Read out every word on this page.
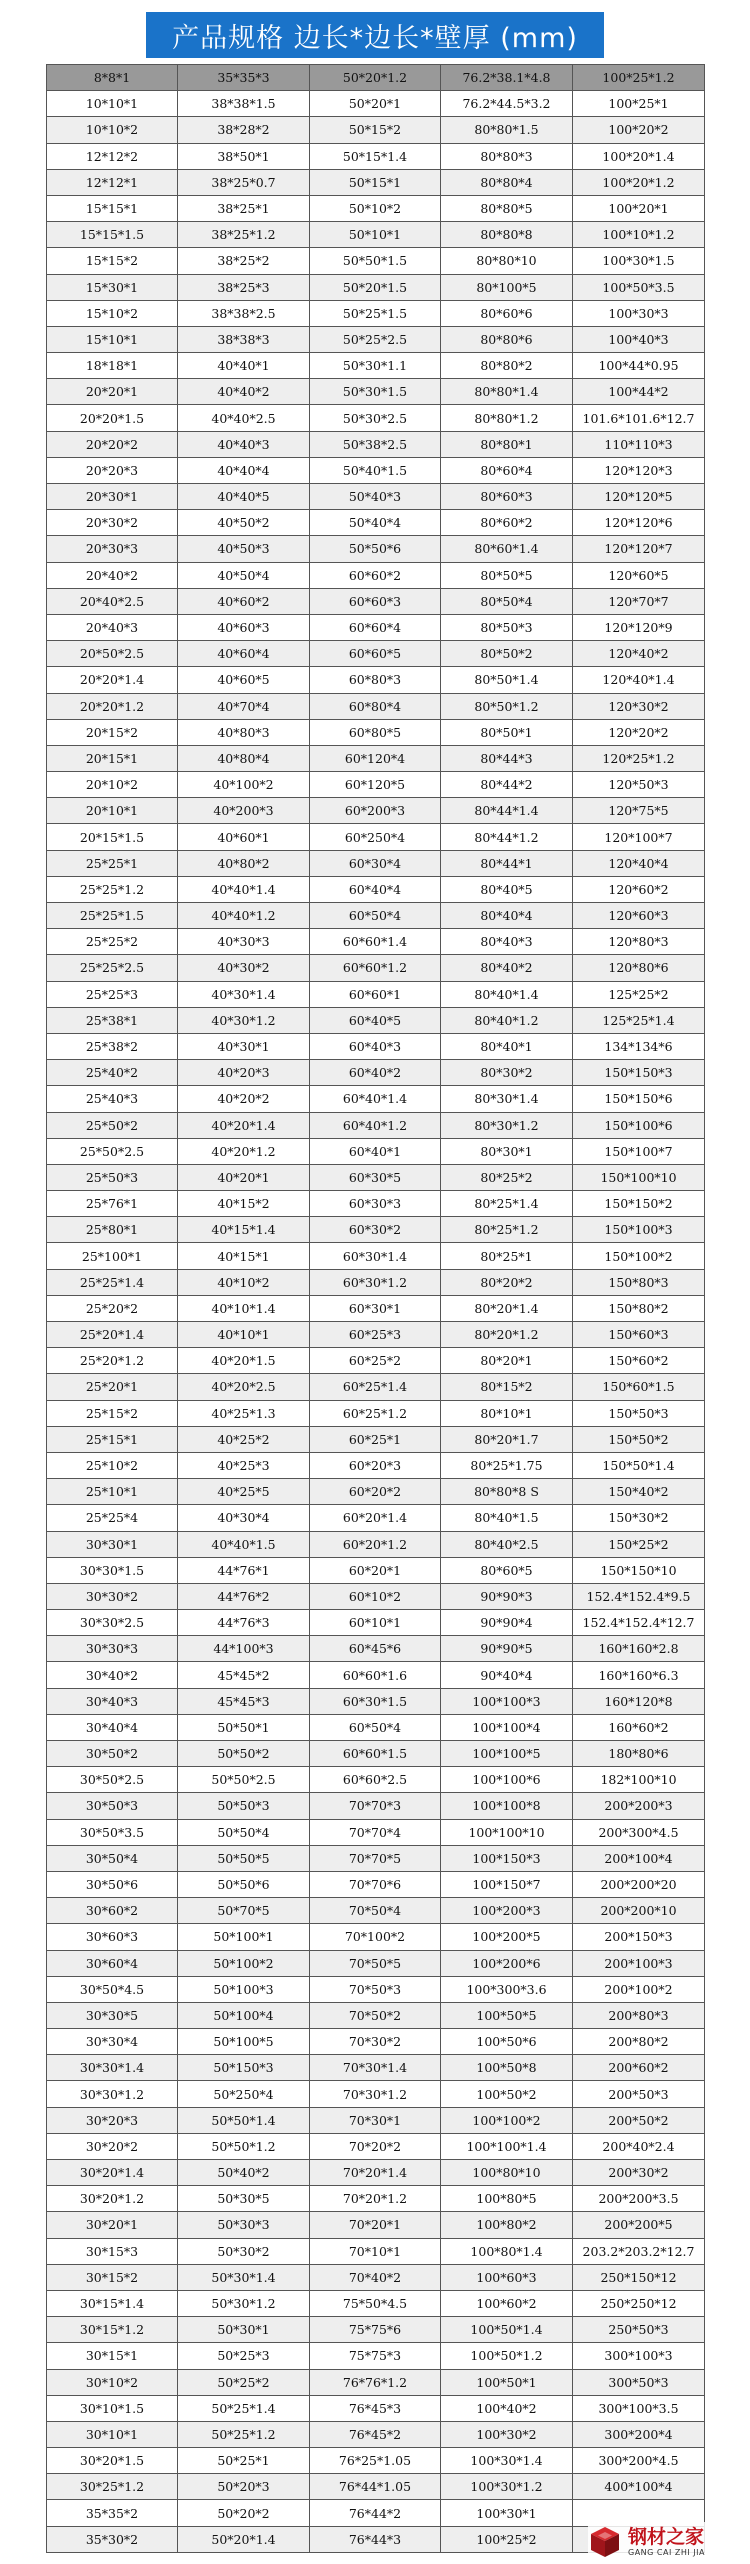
产品规格 边长*边长*壁厚 (mm)
8*8*1	35*35*3	50*20*1.2	76.2*38.1*4.8	100*25*1.2
10*10*1	38*38*1.5	50*20*1	76.2*44.5*3.2	100*25*1
10*10*2	38*28*2	50*15*2	80*80*1.5	100*20*2
12*12*2	38*50*1	50*15*1.4	80*80*3	100*20*1.4
12*12*1	38*25*0.7	50*15*1	80*80*4	100*20*1.2
15*15*1	38*25*1	50*10*2	80*80*5	100*20*1
15*15*1.5	38*25*1.2	50*10*1	80*80*8	100*10*1.2
15*15*2	38*25*2	50*50*1.5	80*80*10	100*30*1.5
15*30*1	38*25*3	50*20*1.5	80*100*5	100*50*3.5
15*10*2	38*38*2.5	50*25*1.5	80*60*6	100*30*3
15*10*1	38*38*3	50*25*2.5	80*80*6	100*40*3
18*18*1	40*40*1	50*30*1.1	80*80*2	100*44*0.95
20*20*1	40*40*2	50*30*1.5	80*80*1.4	100*44*2
20*20*1.5	40*40*2.5	50*30*2.5	80*80*1.2	101.6*101.6*12.7
20*20*2	40*40*3	50*38*2.5	80*80*1	110*110*3
20*20*3	40*40*4	50*40*1.5	80*60*4	120*120*3
20*30*1	40*40*5	50*40*3	80*60*3	120*120*5
20*30*2	40*50*2	50*40*4	80*60*2	120*120*6
20*30*3	40*50*3	50*50*6	80*60*1.4	120*120*7
20*40*2	40*50*4	60*60*2	80*50*5	120*60*5
20*40*2.5	40*60*2	60*60*3	80*50*4	120*70*7
20*40*3	40*60*3	60*60*4	80*50*3	120*120*9
20*50*2.5	40*60*4	60*60*5	80*50*2	120*40*2
20*20*1.4	40*60*5	60*80*3	80*50*1.4	120*40*1.4
20*20*1.2	40*70*4	60*80*4	80*50*1.2	120*30*2
20*15*2	40*80*3	60*80*5	80*50*1	120*20*2
20*15*1	40*80*4	60*120*4	80*44*3	120*25*1.2
20*10*2	40*100*2	60*120*5	80*44*2	120*50*3
20*10*1	40*200*3	60*200*3	80*44*1.4	120*75*5
20*15*1.5	40*60*1	60*250*4	80*44*1.2	120*100*7
25*25*1	40*80*2	60*30*4	80*44*1	120*40*4
25*25*1.2	40*40*1.4	60*40*4	80*40*5	120*60*2
25*25*1.5	40*40*1.2	60*50*4	80*40*4	120*60*3
25*25*2	40*30*3	60*60*1.4	80*40*3	120*80*3
25*25*2.5	40*30*2	60*60*1.2	80*40*2	120*80*6
25*25*3	40*30*1.4	60*60*1	80*40*1.4	125*25*2
25*38*1	40*30*1.2	60*40*5	80*40*1.2	125*25*1.4
25*38*2	40*30*1	60*40*3	80*40*1	134*134*6
25*40*2	40*20*3	60*40*2	80*30*2	150*150*3
25*40*3	40*20*2	60*40*1.4	80*30*1.4	150*150*6
25*50*2	40*20*1.4	60*40*1.2	80*30*1.2	150*100*6
25*50*2.5	40*20*1.2	60*40*1	80*30*1	150*100*7
25*50*3	40*20*1	60*30*5	80*25*2	150*100*10
25*76*1	40*15*2	60*30*3	80*25*1.4	150*150*2
25*80*1	40*15*1.4	60*30*2	80*25*1.2	150*100*3
25*100*1	40*15*1	60*30*1.4	80*25*1	150*100*2
25*25*1.4	40*10*2	60*30*1.2	80*20*2	150*80*3
25*20*2	40*10*1.4	60*30*1	80*20*1.4	150*80*2
25*20*1.4	40*10*1	60*25*3	80*20*1.2	150*60*3
25*20*1.2	40*20*1.5	60*25*2	80*20*1	150*60*2
25*20*1	40*20*2.5	60*25*1.4	80*15*2	150*60*1.5
25*15*2	40*25*1.3	60*25*1.2	80*10*1	150*50*3
25*15*1	40*25*2	60*25*1	80*20*1.7	150*50*2
25*10*2	40*25*3	60*20*3	80*25*1.75	150*50*1.4
25*10*1	40*25*5	60*20*2	80*80*8 S	150*40*2
25*25*4	40*30*4	60*20*1.4	80*40*1.5	150*30*2
30*30*1	40*40*1.5	60*20*1.2	80*40*2.5	150*25*2
30*30*1.5	44*76*1	60*20*1	80*60*5	150*150*10
30*30*2	44*76*2	60*10*2	90*90*3	152.4*152.4*9.5
30*30*2.5	44*76*3	60*10*1	90*90*4	152.4*152.4*12.7
30*30*3	44*100*3	60*45*6	90*90*5	160*160*2.8
30*40*2	45*45*2	60*60*1.6	90*40*4	160*160*6.3
30*40*3	45*45*3	60*30*1.5	100*100*3	160*120*8
30*40*4	50*50*1	60*50*4	100*100*4	160*60*2
30*50*2	50*50*2	60*60*1.5	100*100*5	180*80*6
30*50*2.5	50*50*2.5	60*60*2.5	100*100*6	182*100*10
30*50*3	50*50*3	70*70*3	100*100*8	200*200*3
30*50*3.5	50*50*4	70*70*4	100*100*10	200*300*4.5
30*50*4	50*50*5	70*70*5	100*150*3	200*100*4
30*50*6	50*50*6	70*70*6	100*150*7	200*200*20
30*60*2	50*70*5	70*50*4	100*200*3	200*200*10
30*60*3	50*100*1	70*100*2	100*200*5	200*150*3
30*60*4	50*100*2	70*50*5	100*200*6	200*100*3
30*50*4.5	50*100*3	70*50*3	100*300*3.6	200*100*2
30*30*5	50*100*4	70*50*2	100*50*5	200*80*3
30*30*4	50*100*5	70*30*2	100*50*6	200*80*2
30*30*1.4	50*150*3	70*30*1.4	100*50*8	200*60*2
30*30*1.2	50*250*4	70*30*1.2	100*50*2	200*50*3
30*20*3	50*50*1.4	70*30*1	100*100*2	200*50*2
30*20*2	50*50*1.2	70*20*2	100*100*1.4	200*40*2.4
30*20*1.4	50*40*2	70*20*1.4	100*80*10	200*30*2
30*20*1.2	50*30*5	70*20*1.2	100*80*5	200*200*3.5
30*20*1	50*30*3	70*20*1	100*80*2	200*200*5
30*15*3	50*30*2	70*10*1	100*80*1.4	203.2*203.2*12.7
30*15*2	50*30*1.4	70*40*2	100*60*3	250*150*12
30*15*1.4	50*30*1.2	75*50*4.5	100*60*2	250*250*12
30*15*1.2	50*30*1	75*75*6	100*50*1.4	250*50*3
30*15*1	50*25*3	75*75*3	100*50*1.2	300*100*3
30*10*2	50*25*2	76*76*1.2	100*50*1	300*50*3
30*10*1.5	50*25*1.4	76*45*3	100*40*2	300*100*3.5
30*10*1	50*25*1.2	76*45*2	100*30*2	300*200*4
30*20*1.5	50*25*1	76*25*1.05	100*30*1.4	300*200*4.5
30*25*1.2	50*20*3	76*44*1.05	100*30*1.2	400*100*4
35*35*2	50*20*2	76*44*2	100*30*1	
35*30*2	50*20*1.4	76*44*3	100*25*2		钢材之家
GANG CAI ZHI JIA
